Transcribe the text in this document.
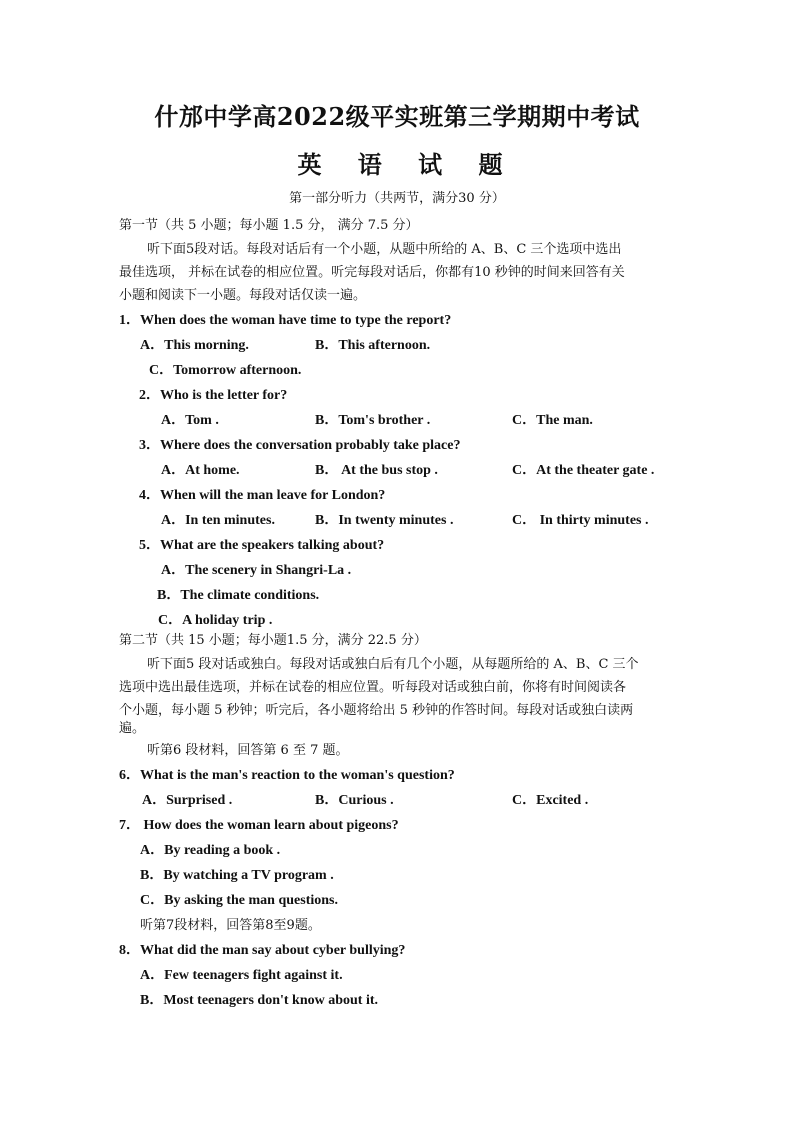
什邡中学高2022级平实班第三学期期中考试
英 语 试 题
第一部分听力（共两节，满分30 分）
第一节（共 5 小题；每小题 1.5 分， 满分 7.5 分）
听下面5段对话。每段对话后有一个小题，从题中所给的 A、B、C 三个选项中选出
最佳选项， 并标在试卷的相应位置。听完每段对话后，你都有10 秒钟的时间来回答有关
小题和阅读下一小题。每段对话仅读一遍。
1．When does the woman have time to type the report?
A．This morning.	B．This afternoon.
C．Tomorrow afternoon.
2．Who is the letter for?
A．Tom .	B．Tom's brother .	C．The man.
3．Where does the conversation probably take place?
A．At home.	B． At the bus stop .	C．At the theater gate .
4．When will the man leave for London?
A．In ten minutes.	B．In twenty minutes .	C． In thirty minutes .
5．What are the speakers talking about?
A．The scenery in Shangri-La .
B．The climate conditions.
C．A holiday trip .
第二节（共 15 小题；每小题1.5 分，满分 22.5 分）
听下面5 段对话或独白。每段对话或独白后有几个小题，从每题所给的 A、B、C 三个
选项中选出最佳选项，并标在试卷的相应位置。听每段对话或独白前，你将有时间阅读各
个小题，每小题 5 秒钟；听完后，各小题将给出 5 秒钟的作答时间。每段对话或独白读两
遍。
听第6 段材料，回答第 6 至 7 题。
6．What is the man's reaction to the woman's question?
A．Surprised .	B．Curious .	C．Excited .
7． How does the woman learn about pigeons?
A．By reading a book .
B．By watching a TV program .
C．By asking the man questions.
听第7段材料，回答第8至9题。
8．What did the man say about cyber bullying?
A．Few teenagers fight against it.
B．Most teenagers don't know about it.
